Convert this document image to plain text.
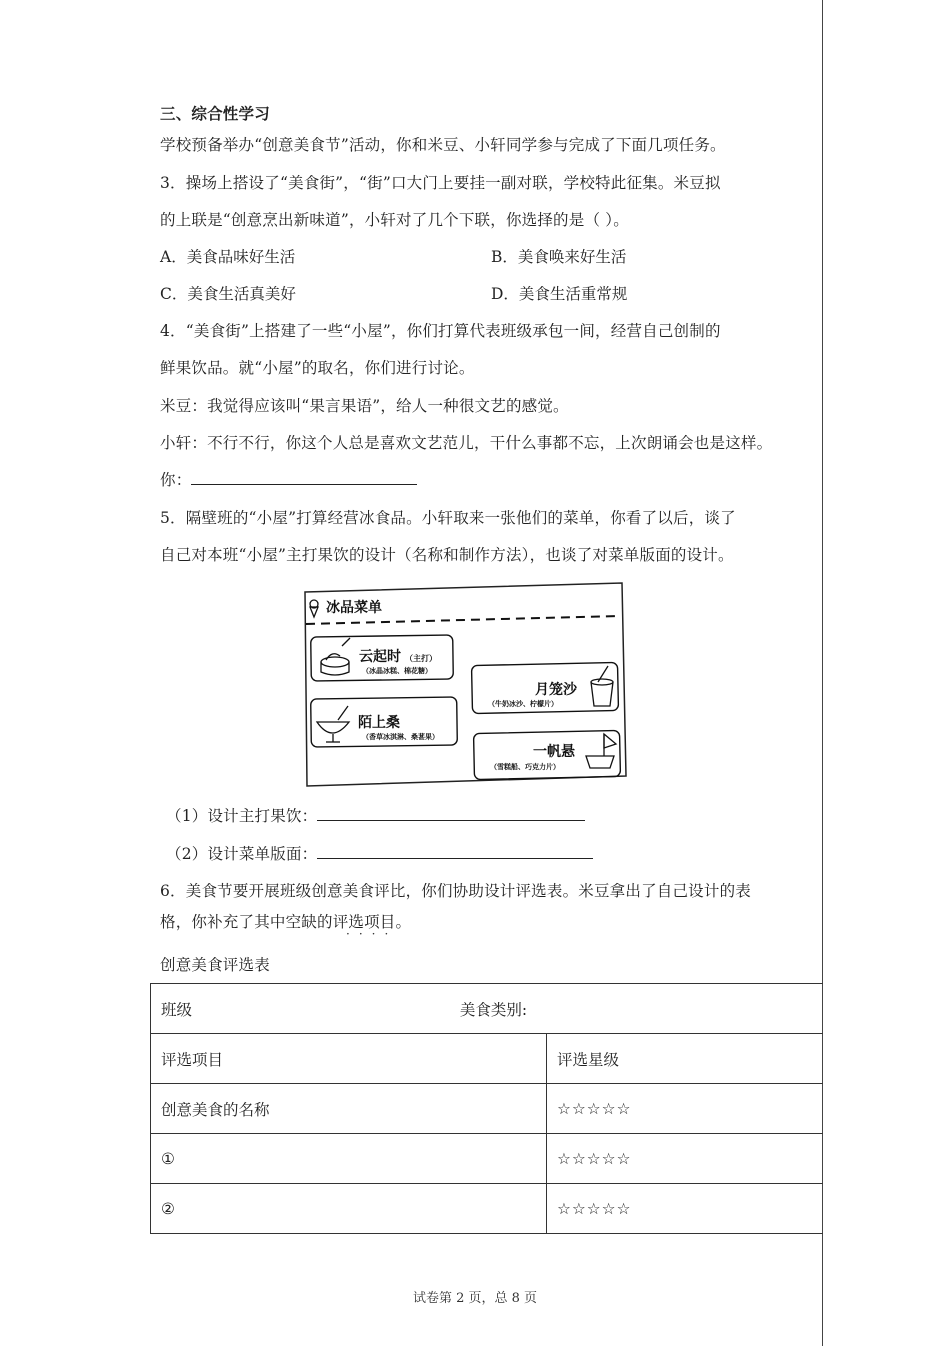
三、综合性学习
学校预备举办“创意美食节”活动，你和米豆、小轩同学参与完成了下面几项任务。
3．操场上搭设了“美食街”，“街”口大门上要挂一副对联，学校特此征集。米豆拟
的上联是“创意烹出新味道”，小轩对了几个下联，你选择的是（ ）。
A．美食品味好生活	B．美食唤来好生活
C．美食生活真美好	D．美食生活重常规
4．“美食街”上搭建了一些“小屋”，你们打算代表班级承包一间，经营自己创制的
鲜果饮品。就“小屋”的取名，你们进行讨论。
米豆：我觉得应该叫“果言果语”，给人一种很文艺的感觉。
小轩：不行不行，你这个人总是喜欢文艺范儿，干什么事都不忘，上次朗诵会也是这样。
你：
5．隔壁班的“小屋”打算经营冰食品。小轩取来一张他们的菜单，你看了以后，谈了
自己对本班“小屋”主打果饮的设计（名称和制作方法），也谈了对菜单版面的设计。
冰品菜单
云起时 （主打）
（冰晶冰糕、棉花糖）
月笼沙
（牛奶冰沙、柠檬片）
陌上桑
（香草冰淇淋、桑葚果）
一帆悬
（雪糕船、巧克力片）
（1）设计主打果饮：
（2）设计菜单版面：
6．美食节要开展班级创意美食评比，你们协助设计评选表。米豆拿出了自己设计的表
格，你补充了其中空缺的评选项目。
····
创意美食评选表
班级 美食类别:	
评选项目	评选星级
创意美食的名称	☆☆☆☆☆
①	☆☆☆☆☆
②	☆☆☆☆☆
试卷第 2 页，总 8 页
